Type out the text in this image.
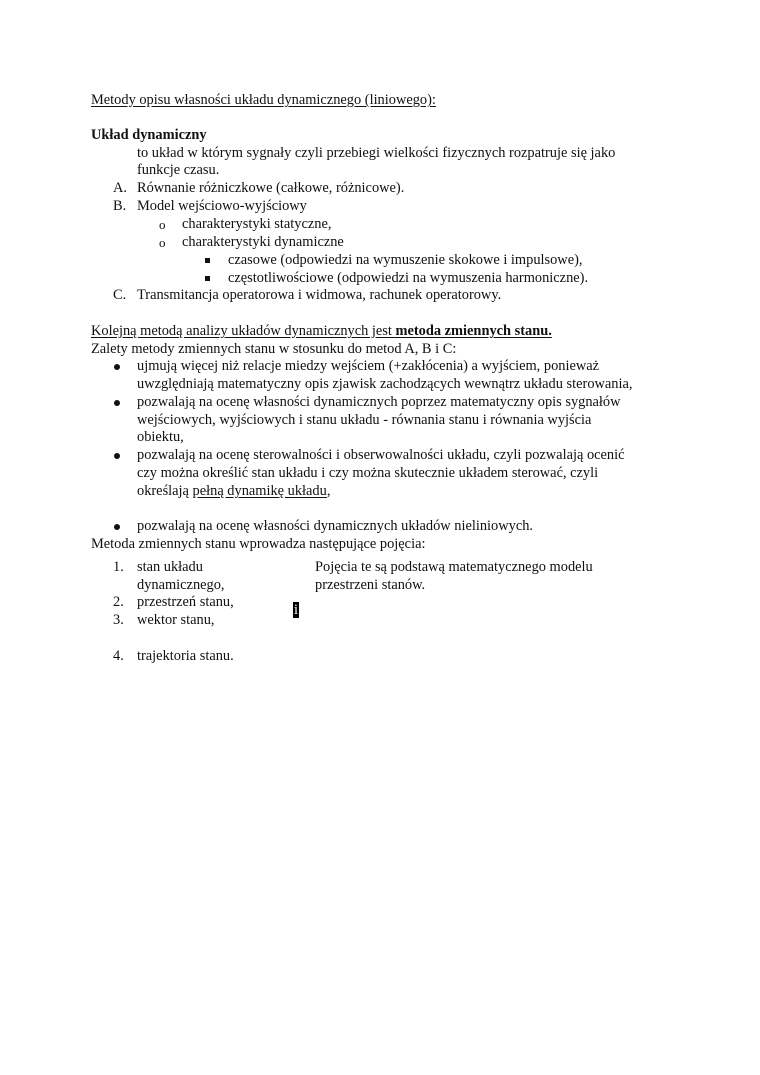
Metody opisu własności układu dynamicznego (liniowego):
Układ dynamiczny
to układ w którym sygnały czyli przebiegi wielkości fizycznych rozpatruje się jako
funkcje czasu.
A. Równanie różniczkowe (całkowe, różnicowe).
B. Model wejściowo-wyjściowy
o charakterystyki statyczne,
o charakterystyki dynamiczne
czasowe (odpowiedzi na wymuszenie skokowe i impulsowe),
częstotliwościowe (odpowiedzi na wymuszenia harmoniczne).
C. Transmitancja operatorowa i widmowa, rachunek operatorowy.
Kolejną metodą analizy układów dynamicznych jest metoda zmiennych stanu.
Zalety metody zmiennych stanu w stosunku do metod A, B i C:
ujmują więcej niż relacje miedzy wejściem (+zakłócenia) a wyjściem, ponieważ
uwzględniają matematyczny opis zjawisk zachodzących wewnątrz układu sterowania,
pozwalają na ocenę własności dynamicznych poprzez matematyczny opis sygnałów
wejściowych, wyjściowych i stanu układu - równania stanu i równania wyjścia
obiektu,
pozwalają na ocenę sterowalności i obserwowalności układu, czyli pozwalają ocenić
czy można określić stan układu i czy można skutecznie układem sterować, czyli
określają pełną dynamikę układu,
pozwalają na ocenę własności dynamicznych układów nieliniowych.
Metoda zmiennych stanu wprowadza następujące pojęcia:
1. stan układu
dynamicznego,
2. przestrzeń stanu,
3. wektor stanu,
4. trajektoria stanu.
Pojęcia te są podstawą matematycznego modelu
przestrzeni stanów.
i
